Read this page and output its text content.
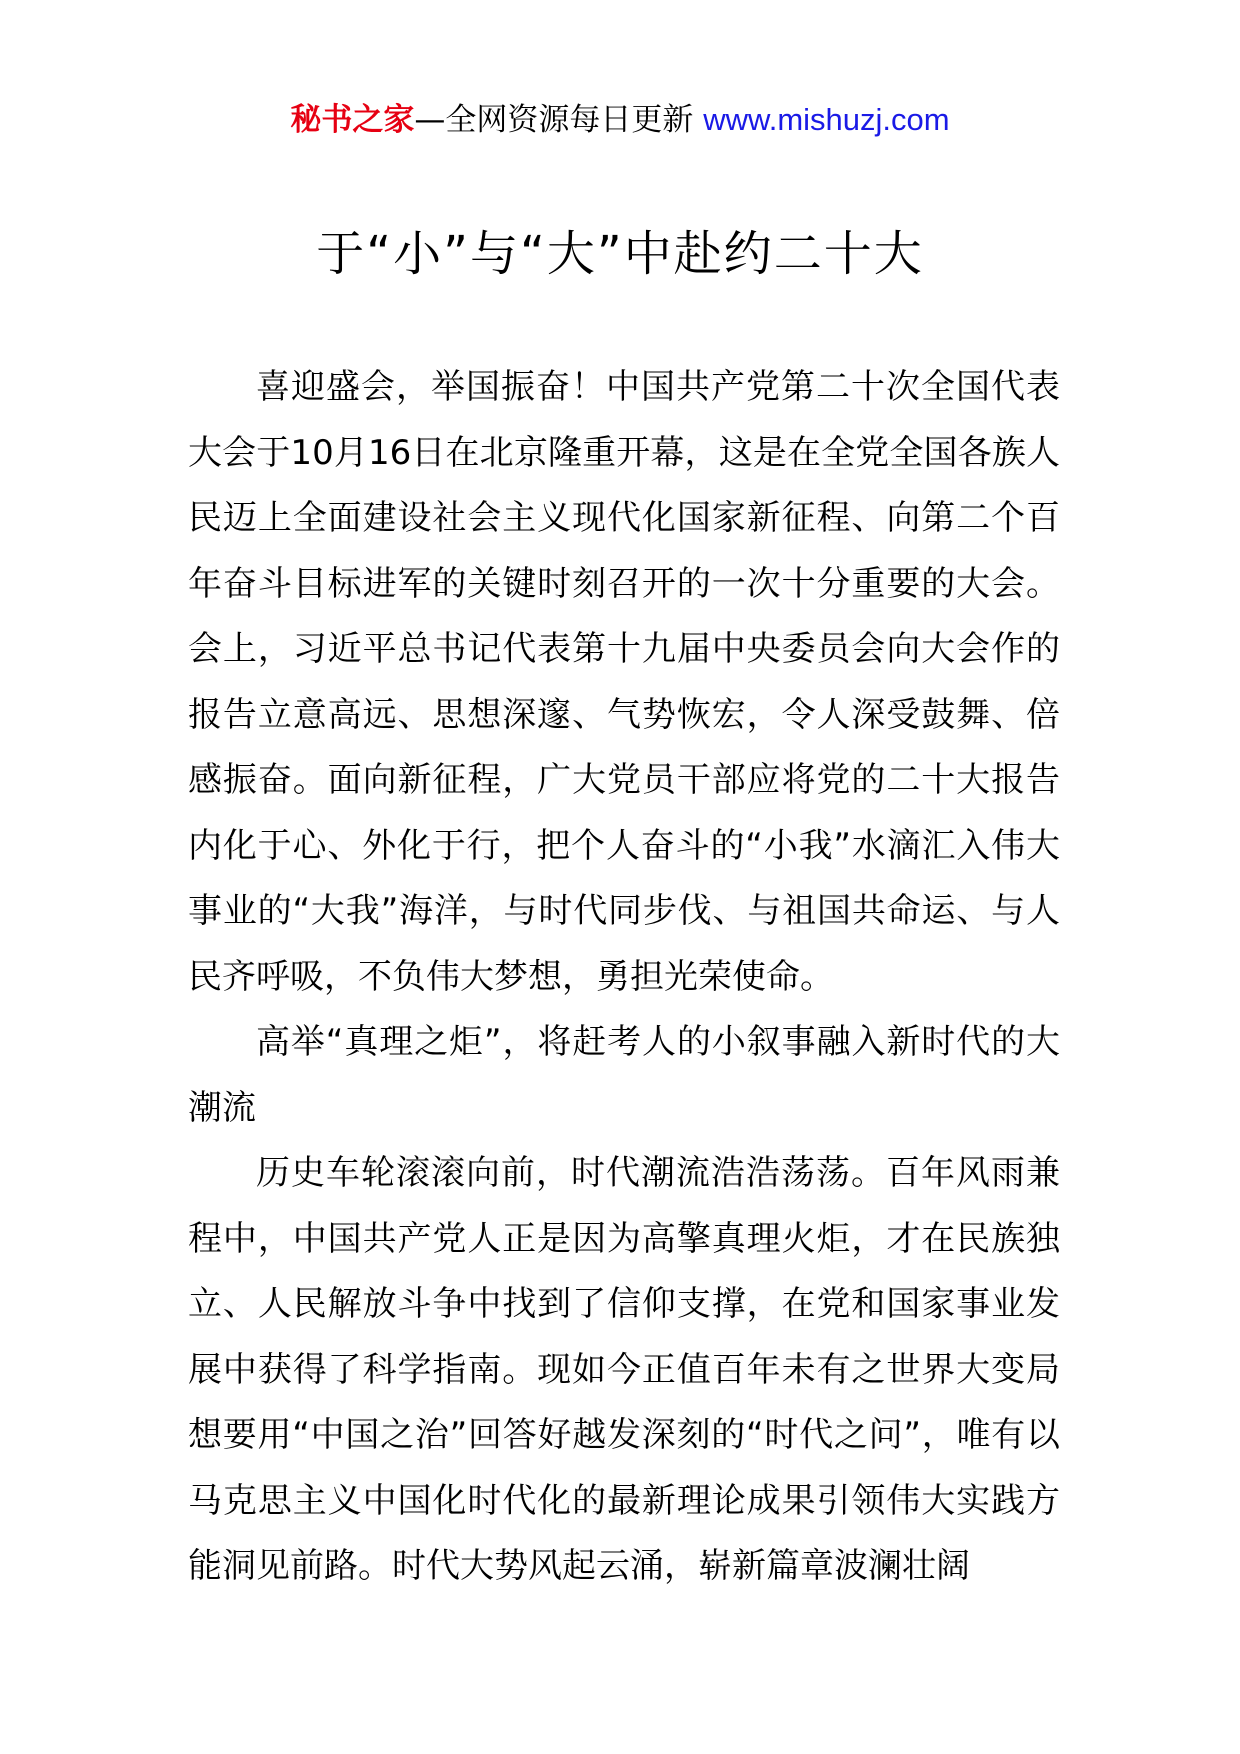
秘书之家—全网资源每日更新 www.mishuzj.com
于“小”与“大”中赴约二十大

喜迎盛会，举国振奋！中国共产党第二十次全国代表大会于10月16日在北京隆重开幕，这是在全党全国各族人民迈上全面建设社会主义现代化国家新征程、向第二个百年奋斗目标进军的关键时刻召开的一次十分重要的大会。会上，习近平总书记代表第十九届中央委员会向大会作的报告立意高远、思想深邃、气势恢宏，令人深受鼓舞、倍感振奋。面向新征程，广大党员干部应将党的二十大报告内化于心、外化于行，把个人奋斗的“小我”水滴汇入伟大事业的“大我”海洋，与时代同步伐、与祖国共命运、与人民齐呼吸，不负伟大梦想，勇担光荣使命。

高举“真理之炬”，将赶考人的小叙事融入新时代的大潮流

历史车轮滚滚向前，时代潮流浩浩荡荡。百年风雨兼程中，中国共产党人正是因为高擎真理火炬，才在民族独立、人民解放斗争中找到了信仰支撑，在党和国家事业发展中获得了科学指南。现如今正值百年未有之世界大变局想要用“中国之治”回答好越发深刻的“时代之问”，唯有以马克思主义中国化时代化的最新理论成果引领伟大实践方能洞见前路。时代大势风起云涌，崭新篇章波澜壮阔
